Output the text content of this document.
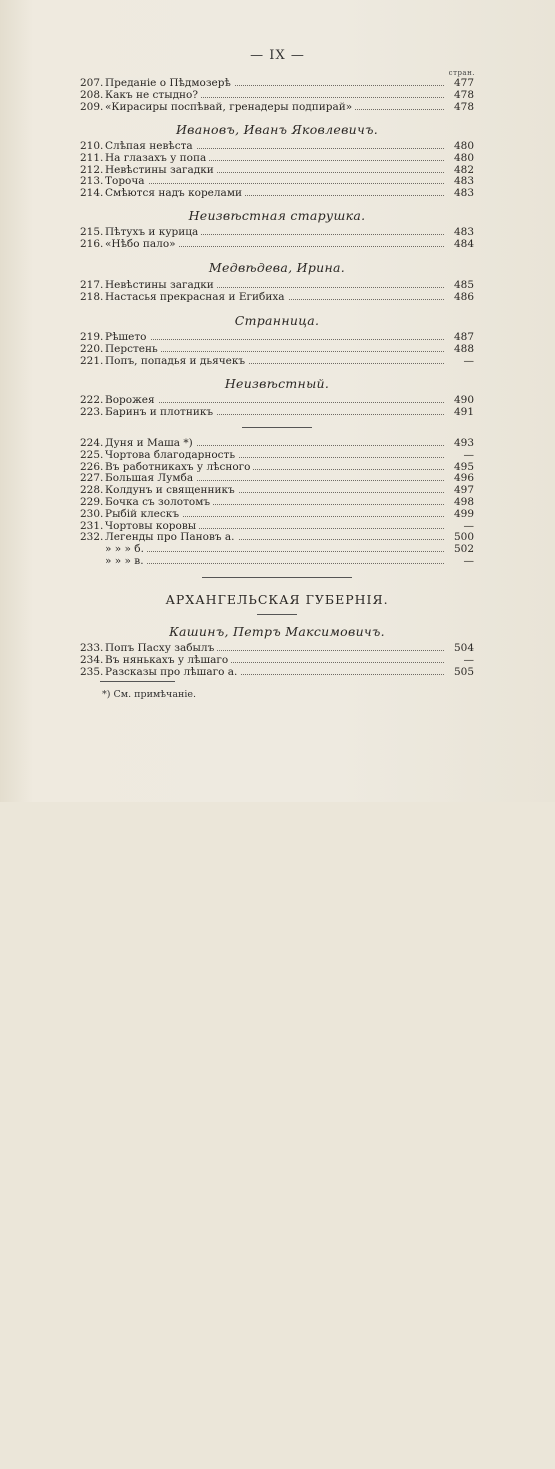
— IX —
стран.
207. Преданіе о Пѣдмозерѣ	477
208. Какъ не стыдно?	478
209. «Кирасиры поспѣвай, гренадеры подпирай»	478
Ивановъ, Иванъ Яковлевичъ.
210. Слѣпая невѣста	480
211. На глазахъ у попа	480
212. Невѣстины загадки	482
213. Тороча	483
214. Смѣются надъ корелами	483
Неизвѣстная старушка.
215. Пѣтухъ и курица	483
216. «Нѣбо пало»	484
Медвѣдева, Ирина.
217. Невѣстины загадки	485
218. Настасья прекрасная и Егибиха	486
Странница.
219. Рѣшето	487
220. Перстень	488
221. Попъ, попадья и дьячекъ	—
Неизвѣстный.
222. Ворожея	490
223. Баринъ и плотникъ	491
224. Дуня и Маша *)	493
225. Чортова благодарность	—
226. Въ работникахъ у лѣсного	495
227. Большая Лумба	496
228. Колдунъ и священникъ	497
229. Бочка съ золотомъ	498
230. Рыбій клескъ	499
231. Чортовы коровы	—
232. Легенды про Пановъ а.	500
» » » б.	502
» » » в.	—
АРХАНГЕЛЬСКАЯ ГУБЕРНІЯ.
Кашинъ, Петръ Максимовичъ.
233. Попъ Пасху забылъ	504
234. Въ нянькахъ у лѣшаго	—
235. Разсказы про лѣшаго а.	505
*) См. примѣчаніе.
